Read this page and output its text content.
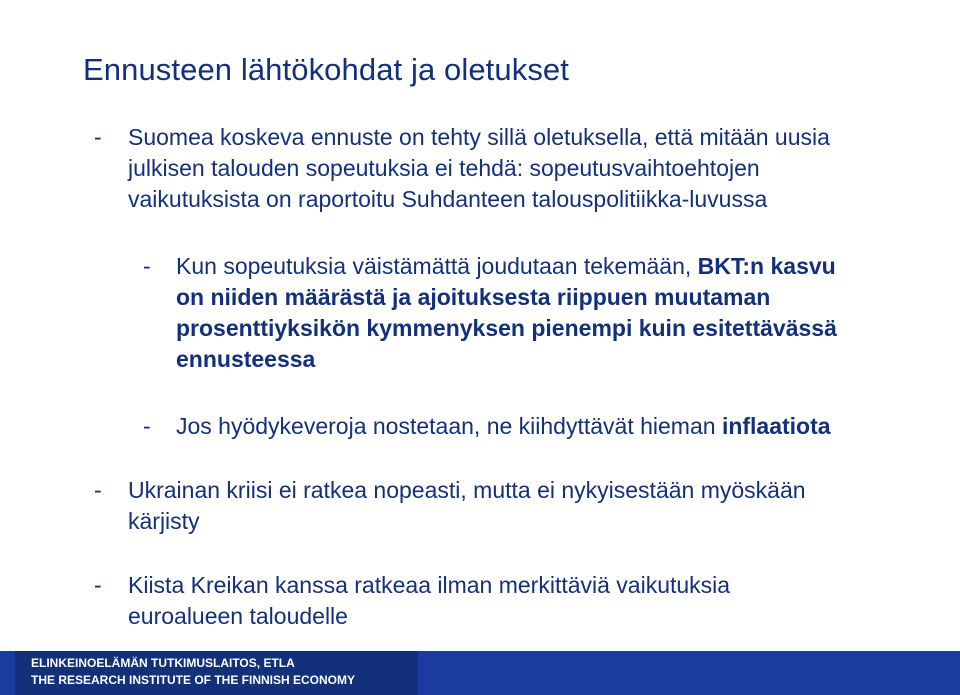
Ennusteen lähtökohdat ja oletukset
- Suomea koskeva ennuste on tehty sillä oletuksella, että mitään uusia
julkisen talouden sopeutuksia ei tehdä: sopeutusvaihtoehtojen
vaikutuksista on raportoitu Suhdanteen talouspolitiikka-luvussa
- Kun sopeutuksia väistämättä joudutaan tekemään, BKT:n kasvu
on niiden määrästä ja ajoituksesta riippuen muutaman
prosenttiyksikön kymmenyksen pienempi kuin esitettävässä
ennusteessa
- Jos hyödykeveroja nostetaan, ne kiihdyttävät hieman inflaatiota
- Ukrainan kriisi ei ratkea nopeasti, mutta ei nykyisestään myöskään
kärjisty
- Kiista Kreikan kanssa ratkeaa ilman merkittäviä vaikutuksia
euroalueen taloudelle
ELINKEINOELÄMÄN TUTKIMUSLAITOS, ETLA
THE RESEARCH INSTITUTE OF THE FINNISH ECONOMY
